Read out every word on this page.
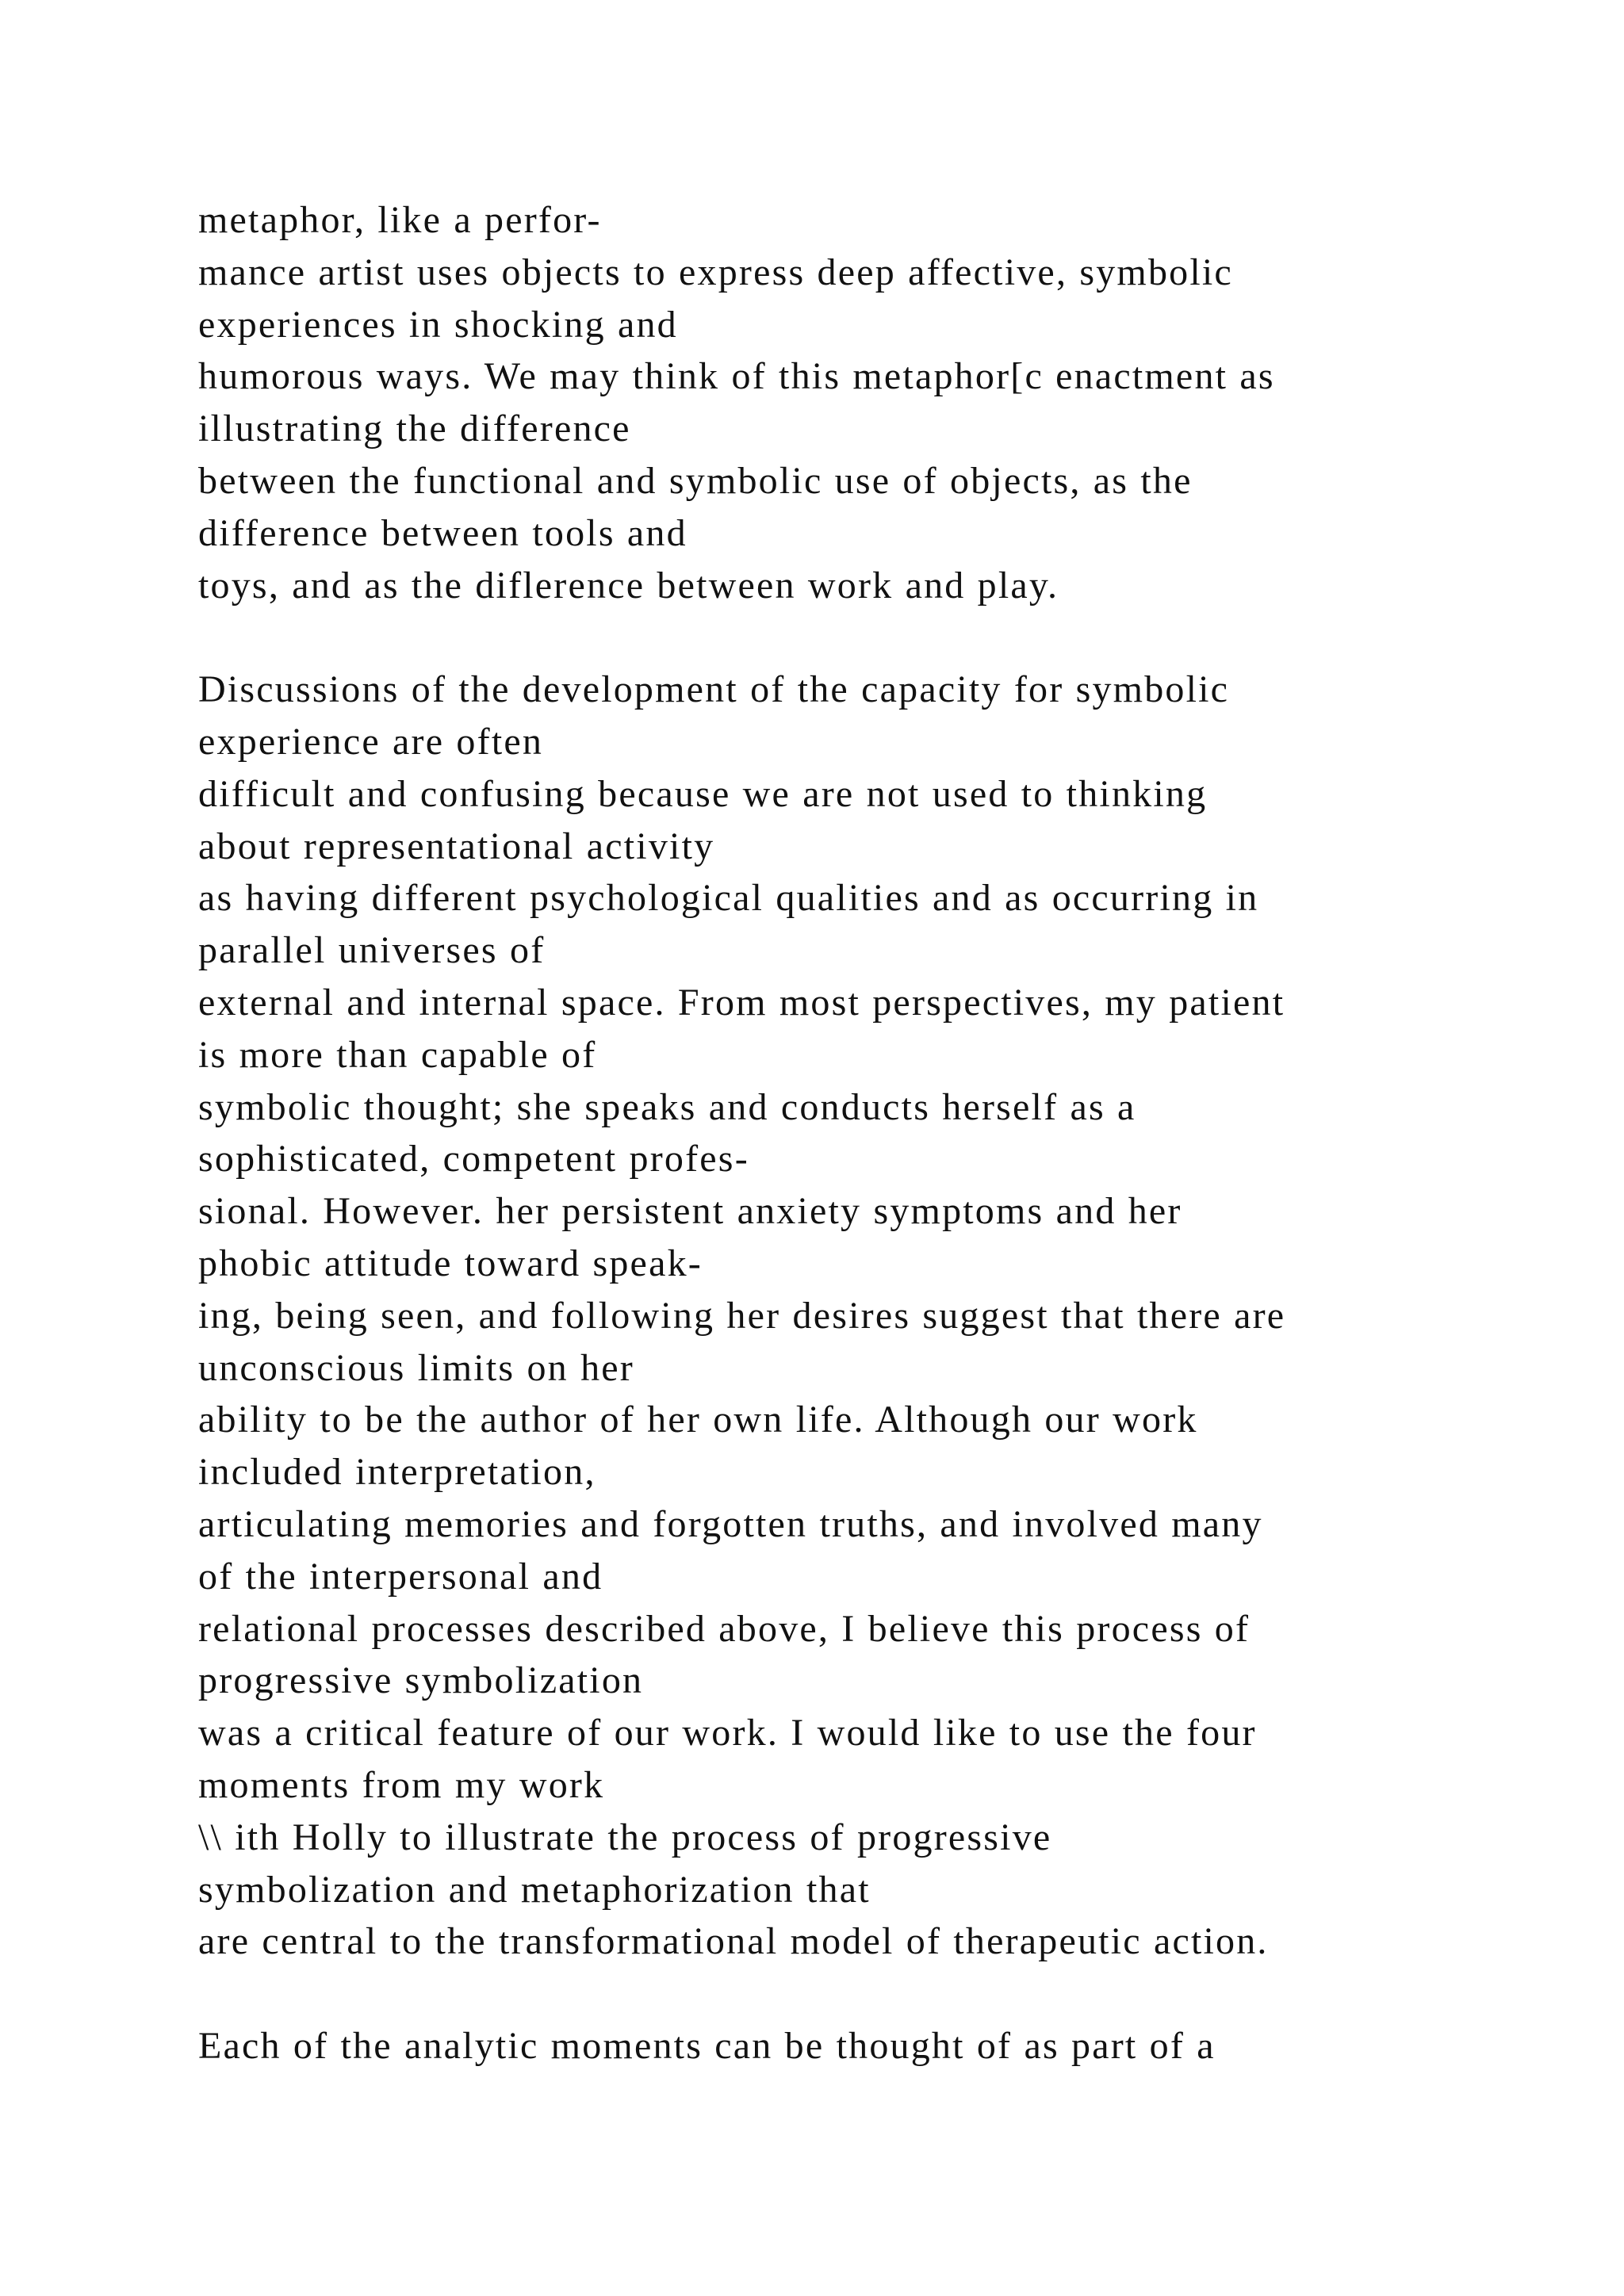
metaphor, like a perfor-
mance artist uses objects to express deep affective, symbolic
experiences in shocking and
humorous ways. We may think of this metaphor[c enactment as
illustrating the difference
between the functional and symbolic use of objects, as the
difference between tools and
toys, and as the diflerence between work and play.

Discussions of the development of the capacity for symbolic
experience are often
difficult and confusing because we are not used to thinking
about representational activity
as having different psychological qualities and as occurring in
parallel universes of
external and internal space. From most perspectives, my patient
is more than capable of
symbolic thought; she speaks and conducts herself as a
sophisticated, competent profes-
sional. However. her persistent anxiety symptoms and her
phobic attitude toward speak-
ing, being seen, and following her desires suggest that there are
unconscious limits on her
ability to be the author of her own life. Although our work
included interpretation,
articulating memories and forgotten truths, and involved many
of the interpersonal and
relational processes described above, I believe this process of
progressive symbolization
was a critical feature of our work. I would like to use the four
moments from my work
\\ ith Holly to illustrate the process of progressive
symbolization and metaphorization that
are central to the transformational model of therapeutic action.

Each of the analytic moments can be thought of as part of a
